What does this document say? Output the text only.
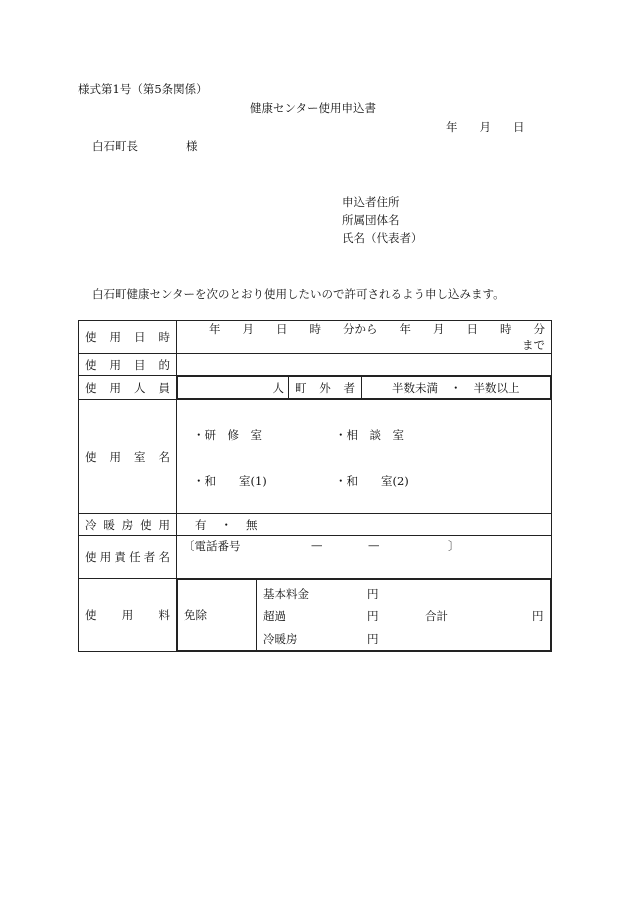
様式第1号（第5条関係）
健康センター使用申込書
年 月 日
白石町長	様
申込者住所
所属団体名
氏名（代表者）
白石町健康センターを次のとおり使用したいので許可されるよう申し込みます。
使用日時	年 月 日 時 分から 年 月 日 時 分まで
使用目的	
使用人員		人	町外者	半数未満 ・ 半数以上

使用室名	
・研　修　室	・相　談　室
・和　　室(1)	・和　　室(2)

冷暖房使用	有 ・ 無
使用責任者名	
〔電話番号	—	—	〕

使用料	免除	
基本料金	円
超過	円	合計	円
冷暖房	円
